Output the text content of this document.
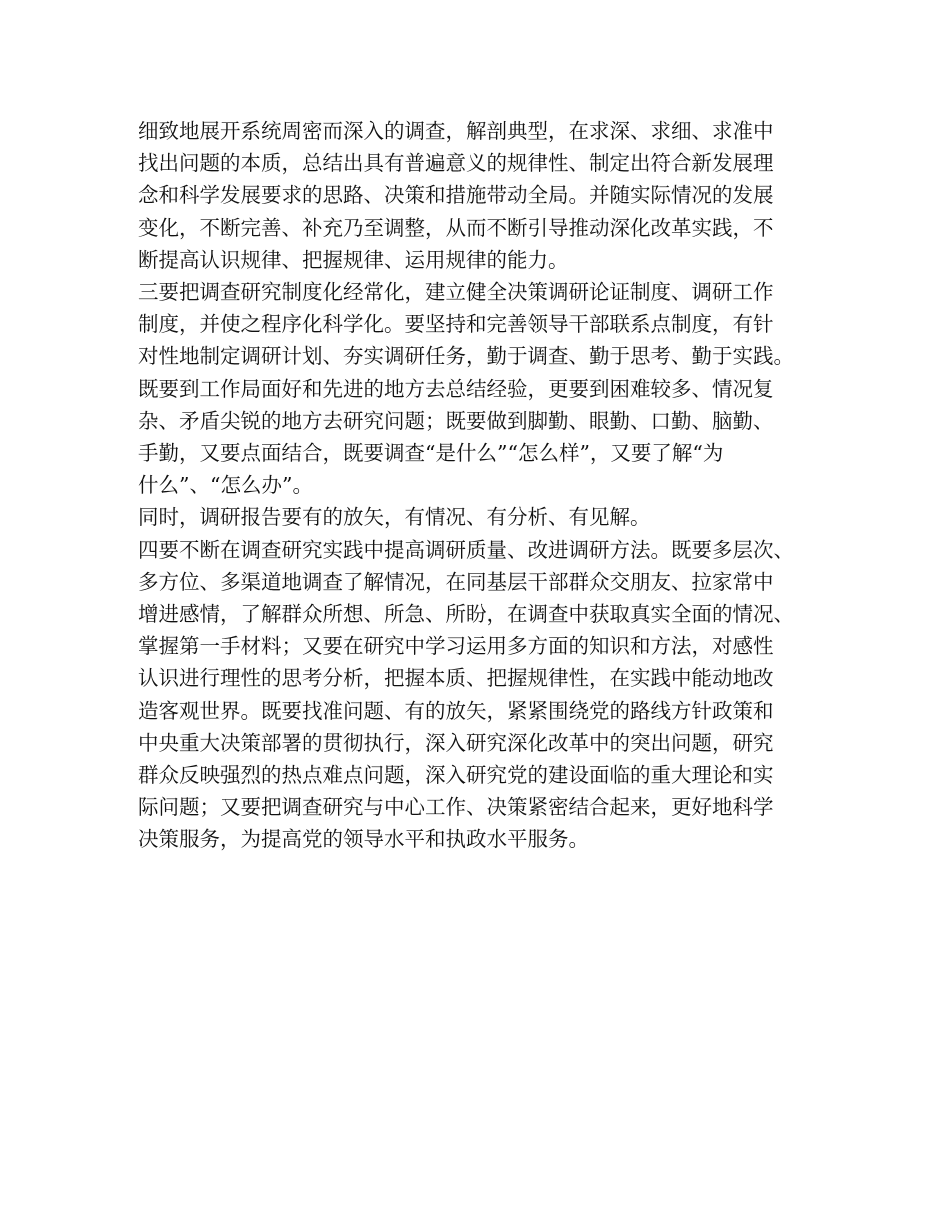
细致地展开系统周密而深入的调查，解剖典型，在求深、求细、求准中
找出问题的本质，总结出具有普遍意义的规律性、制定出符合新发展理
念和科学发展要求的思路、决策和措施带动全局。并随实际情况的发展
变化，不断完善、补充乃至调整，从而不断引导推动深化改革实践，不
断提高认识规律、把握规律、运用规律的能力。

三要把调查研究制度化经常化，建立健全决策调研论证制度、调研工作
制度，并使之程序化科学化。要坚持和完善领导干部联系点制度，有针
对性地制定调研计划、夯实调研任务，勤于调查、勤于思考、勤于实践。
既要到工作局面好和先进的地方去总结经验，更要到困难较多、情况复
杂、矛盾尖锐的地方去研究问题；既要做到脚勤、眼勤、口勤、脑勤、
手勤，又要点面结合，既要调查“是什么”“怎么样”，又要了解“为
什么”、“怎么办”。

同时，调研报告要有的放矢，有情况、有分析、有见解。

四要不断在调查研究实践中提高调研质量、改进调研方法。既要多层次、
多方位、多渠道地调查了解情况，在同基层干部群众交朋友、拉家常中
增进感情，了解群众所想、所急、所盼，在调查中获取真实全面的情况、
掌握第一手材料；又要在研究中学习运用多方面的知识和方法，对感性
认识进行理性的思考分析，把握本质、把握规律性，在实践中能动地改
造客观世界。既要找准问题、有的放矢，紧紧围绕党的路线方针政策和
中央重大决策部署的贯彻执行，深入研究深化改革中的突出问题，研究
群众反映强烈的热点难点问题，深入研究党的建设面临的重大理论和实
际问题；又要把调查研究与中心工作、决策紧密结合起来，更好地科学
决策服务，为提高党的领导水平和执政水平服务。
